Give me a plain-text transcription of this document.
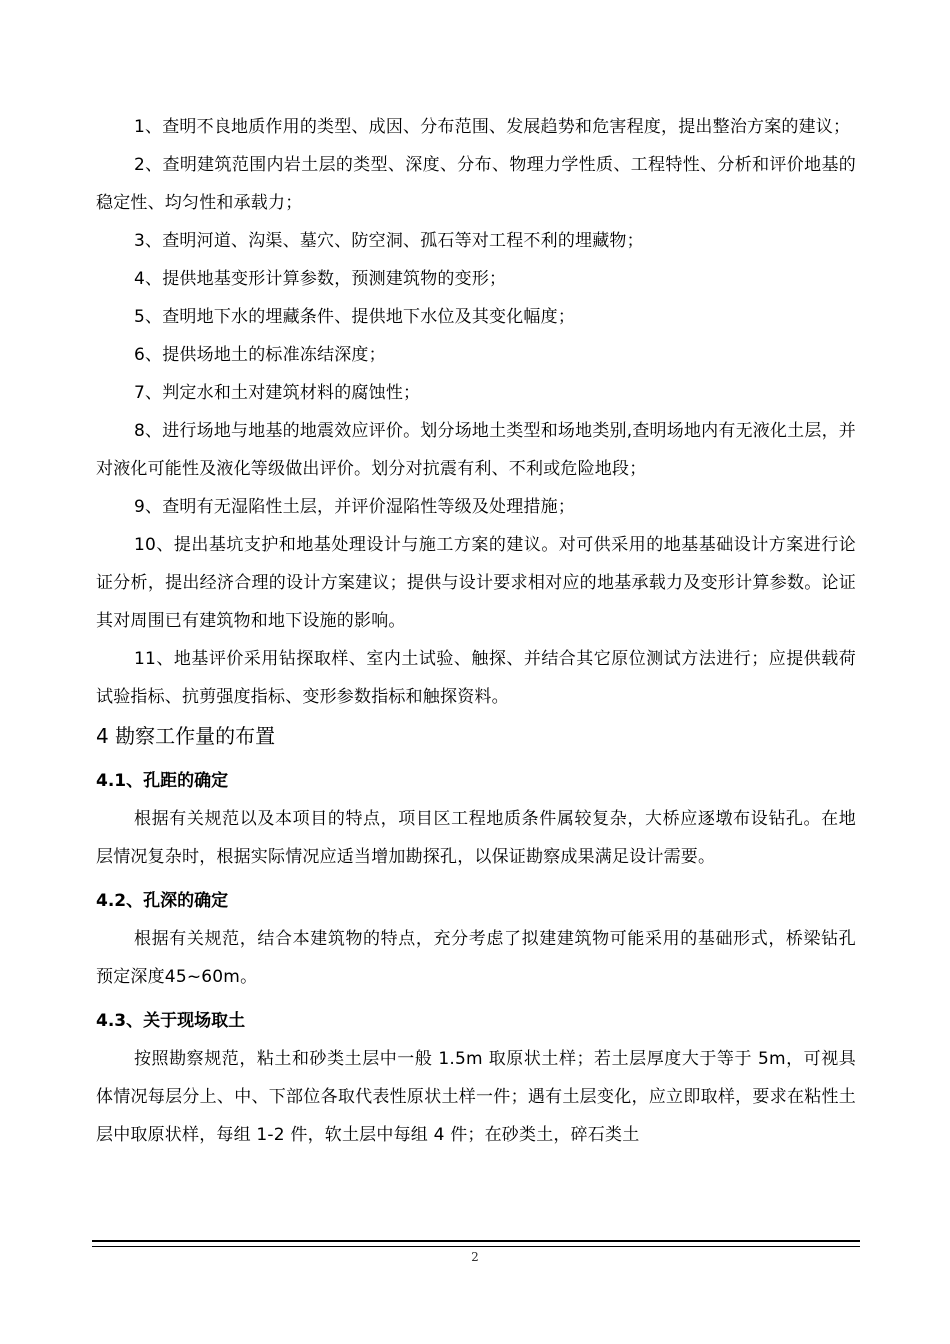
1、查明不良地质作用的类型、成因、分布范围、发展趋势和危害程度，提出整治方案的建议；

2、查明建筑范围内岩土层的类型、深度、分布、物理力学性质、工程特性、分析和评价地基的稳定性、均匀性和承载力；

3、查明河道、沟渠、墓穴、防空洞、孤石等对工程不利的埋藏物；

4、提供地基变形计算参数，预测建筑物的变形；

5、查明地下水的埋藏条件、提供地下水位及其变化幅度；

6、提供场地土的标准冻结深度；

7、判定水和土对建筑材料的腐蚀性；

8、进行场地与地基的地震效应评价。划分场地土类型和场地类别,查明场地内有无液化土层，并对液化可能性及液化等级做出评价。划分对抗震有利、不利或危险地段；

9、查明有无湿陷性土层，并评价湿陷性等级及处理措施；

10、提出基坑支护和地基处理设计与施工方案的建议。对可供采用的地基基础设计方案进行论证分析，提出经济合理的设计方案建议；提供与设计要求相对应的地基承载力及变形计算参数。论证其对周围已有建筑物和地下设施的影响。

11、地基评价采用钻探取样、室内土试验、触探、并结合其它原位测试方法进行；应提供载荷试验指标、抗剪强度指标、变形参数指标和触探资料。

4 勘察工作量的布置
4.1、孔距的确定

根据有关规范以及本项目的特点，项目区工程地质条件属较复杂，大桥应逐墩布设钻孔。在地层情况复杂时，根据实际情况应适当增加勘探孔，以保证勘察成果满足设计需要。

4.2、孔深的确定

根据有关规范，结合本建筑物的特点，充分考虑了拟建建筑物可能采用的基础形式，桥梁钻孔预定深度45~60m。

4.3、关于现场取土

按照勘察规范，粘土和砂类土层中一般 1.5m 取原状土样；若土层厚度大于等于 5m，可视具体情况每层分上、中、下部位各取代表性原状土样一件；遇有土层变化，应立即取样，要求在粘性土层中取原状样，每组 1-2 件，软土层中每组 4 件；在砂类土，碎石类土

2
